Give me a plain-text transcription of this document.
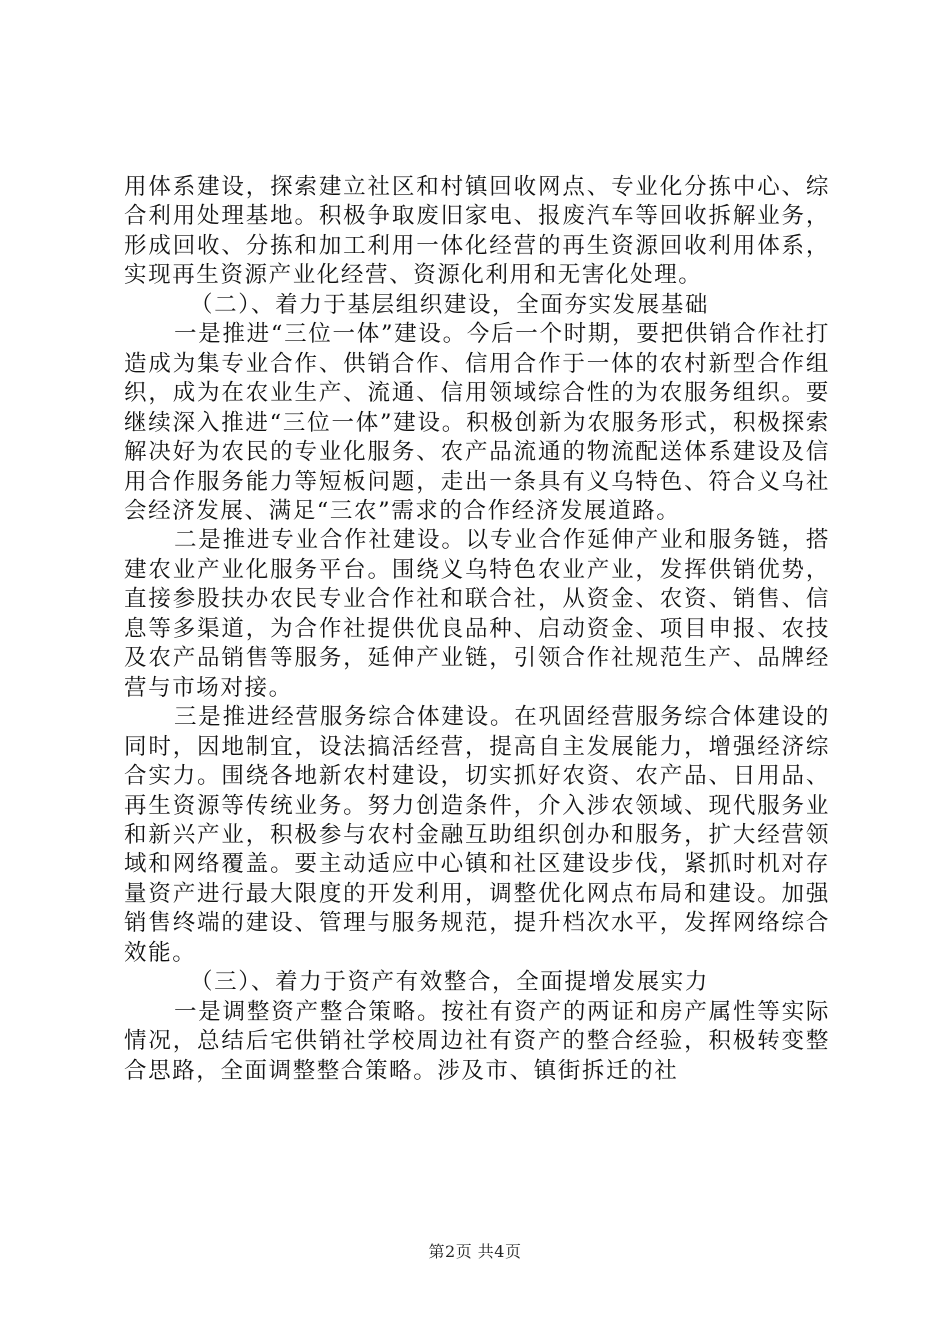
用体系建设，探索建立社区和村镇回收网点、专业化分拣中心、综合利用处理基地。积极争取废旧家电、报废汽车等回收拆解业务，形成回收、分拣和加工利用一体化经营的再生资源回收利用体系，实现再生资源产业化经营、资源化利用和无害化处理。

（二）、着力于基层组织建设，全面夯实发展基础

一是推进“三位一体”建设。今后一个时期，要把供销合作社打造成为集专业合作、供销合作、信用合作于一体的农村新型合作组织，成为在农业生产、流通、信用领域综合性的为农服务组织。要继续深入推进“三位一体”建设。积极创新为农服务形式，积极探索解决好为农民的专业化服务、农产品流通的物流配送体系建设及信用合作服务能力等短板问题，走出一条具有义乌特色、符合义乌社会经济发展、满足“三农”需求的合作经济发展道路。

二是推进专业合作社建设。以专业合作延伸产业和服务链，搭建农业产业化服务平台。围绕义乌特色农业产业，发挥供销优势，直接参股扶办农民专业合作社和联合社，从资金、农资、销售、信息等多渠道，为合作社提供优良品种、启动资金、项目申报、农技及农产品销售等服务，延伸产业链，引领合作社规范生产、品牌经营与市场对接。

三是推进经营服务综合体建设。在巩固经营服务综合体建设的同时，因地制宜，设法搞活经营，提高自主发展能力，增强经济综合实力。围绕各地新农村建设，切实抓好农资、农产品、日用品、再生资源等传统业务。努力创造条件，介入涉农领域、现代服务业和新兴产业，积极参与农村金融互助组织创办和服务，扩大经营领域和网络覆盖。要主动适应中心镇和社区建设步伐，紧抓时机对存量资产进行最大限度的开发利用，调整优化网点布局和建设。加强销售终端的建设、管理与服务规范，提升档次水平，发挥网络综合效能。

（三）、着力于资产有效整合，全面提增发展实力

一是调整资产整合策略。按社有资产的两证和房产属性等实际情况，总结后宅供销社学校周边社有资产的整合经验，积极转变整合思路，全面调整整合策略。涉及市、镇街拆迁的社

第2页 共4页
